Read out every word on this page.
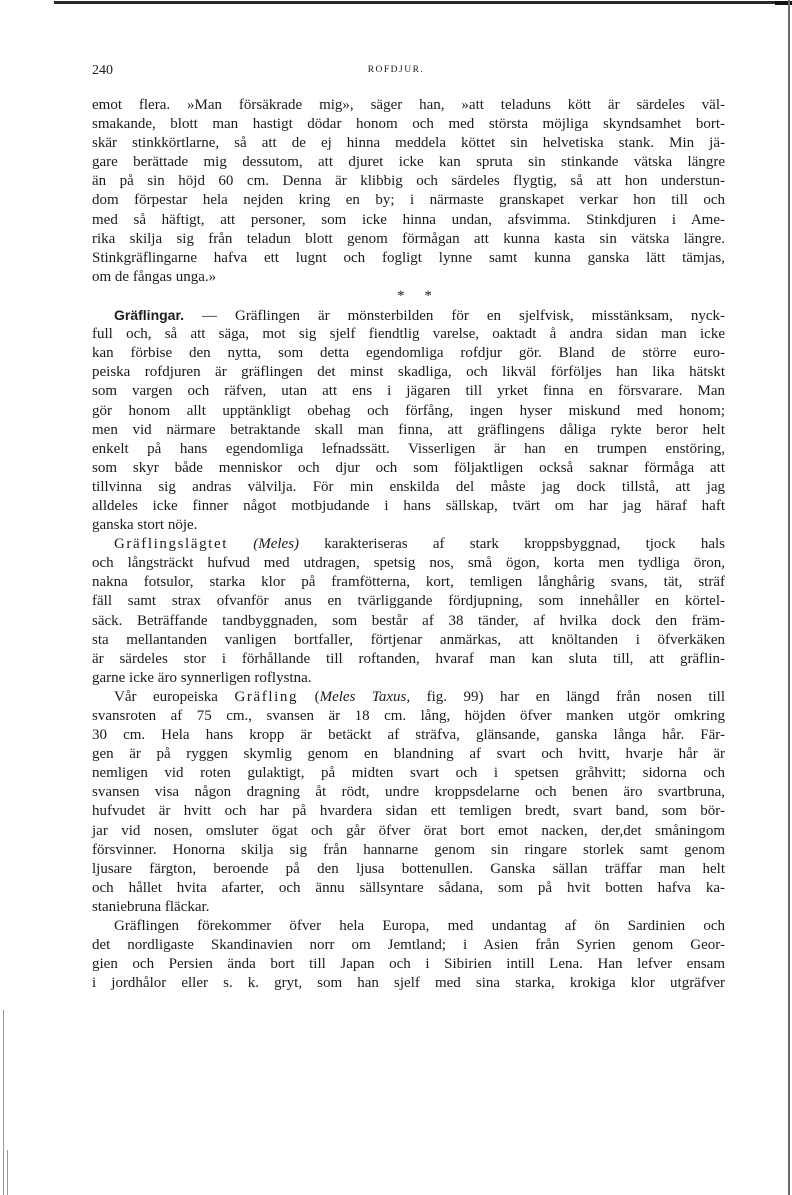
240	ROFDJUR.
emot flera. »Man försäkrade mig», säger han, »att teladuns kött är särdeles väl-
smakande, blott man hastigt dödar honom och med största möjliga skyndsamhet bort-
skär stinkkörtlarne, så att de ej hinna meddela köttet sin helvetiska stank. Min jä-
gare berättade mig dessutom, att djuret icke kan spruta sin stinkande vätska längre
än på sin höjd 60 cm. Denna är klibbig och särdeles flygtig, så att hon understun-
dom förpestar hela nejden kring en by; i närmaste granskapet verkar hon till och
med så häftigt, att personer, som icke hinna undan, afsvimma. Stinkdjuren i Ame-
rika skilja sig från teladun blott genom förmågan att kunna kasta sin vätska längre.
Stinkgräflingarne hafva ett lugnt och fogligt lynne samt kunna ganska lätt tämjas,
om de fångas unga.»
* *
Gräflingar. — Gräflingen är mönsterbilden för en sjelfvisk, misstänksam, nyck-
full och, så att säga, mot sig sjelf fiendtlig varelse, oaktadt å andra sidan man icke
kan förbise den nytta, som detta egendomliga rofdjur gör. Bland de större euro-
peiska rofdjuren är gräflingen det minst skadliga, och likväl förföljes han lika hätskt
som vargen och räfven, utan att ens i jägaren till yrket finna en försvarare. Man
gör honom allt upptänkligt obehag och förfång, ingen hyser miskund med honom;
men vid närmare betraktande skall man finna, att gräflingens dåliga rykte beror helt
enkelt på hans egendomliga lefnadssätt. Visserligen är han en trumpen enstöring,
som skyr både menniskor och djur och som följaktligen också saknar förmåga att
tillvinna sig andras välvilja. För min enskilda del måste jag dock tillstå, att jag
alldeles icke finner något motbjudande i hans sällskap, tvärt om har jag häraf haft
ganska stort nöje.
Gräflingslägtet (Meles) karakteriseras af stark kroppsbyggnad, tjock hals
och långsträckt hufvud med utdragen, spetsig nos, små ögon, korta men tydliga öron,
nakna fotsulor, starka klor på framfötterna, kort, temligen långhårig svans, tät, sträf
fäll samt strax ofvanför anus en tvärliggande fördjupning, som innehåller en körtel-
säck. Beträffande tandbyggnaden, som består af 38 tänder, af hvilka dock den främ-
sta mellantanden vanligen bortfaller, förtjenar anmärkas, att knöltanden i öfverkäken
är särdeles stor i förhållande till roftanden, hvaraf man kan sluta till, att gräflin-
garne icke äro synnerligen roflystna.
Vår europeiska Gräfling (Meles Taxus, fig. 99) har en längd från nosen till
svansroten af 75 cm., svansen är 18 cm. lång, höjden öfver manken utgör omkring
30 cm. Hela hans kropp är betäckt af sträfva, glänsande, ganska långa hår. Fär-
gen är på ryggen skymlig genom en blandning af svart och hvitt, hvarje hår är
nemligen vid roten gulaktigt, på midten svart och i spetsen gråhvitt; sidorna och
svansen visa någon dragning åt rödt, undre kroppsdelarne och benen äro svartbruna,
hufvudet är hvitt och har på hvardera sidan ett temligen bredt, svart band, som bör-
jar vid nosen, omsluter ögat och går öfver örat bort emot nacken, der,det småningom
försvinner. Honorna skilja sig från hannarne genom sin ringare storlek samt genom
ljusare färgton, beroende på den ljusa bottenullen. Ganska sällan träffar man helt
och hållet hvita afarter, och ännu sällsyntare sådana, som på hvit botten hafva ka-
staniebruna fläckar.
Gräflingen förekommer öfver hela Europa, med undantag af ön Sardinien och
det nordligaste Skandinavien norr om Jemtland; i Asien från Syrien genom Geor-
gien och Persien ända bort till Japan och i Sibirien intill Lena. Han lefver ensam
i jordhålor eller s. k. gryt, som han sjelf med sina starka, krokiga klor utgräfver
